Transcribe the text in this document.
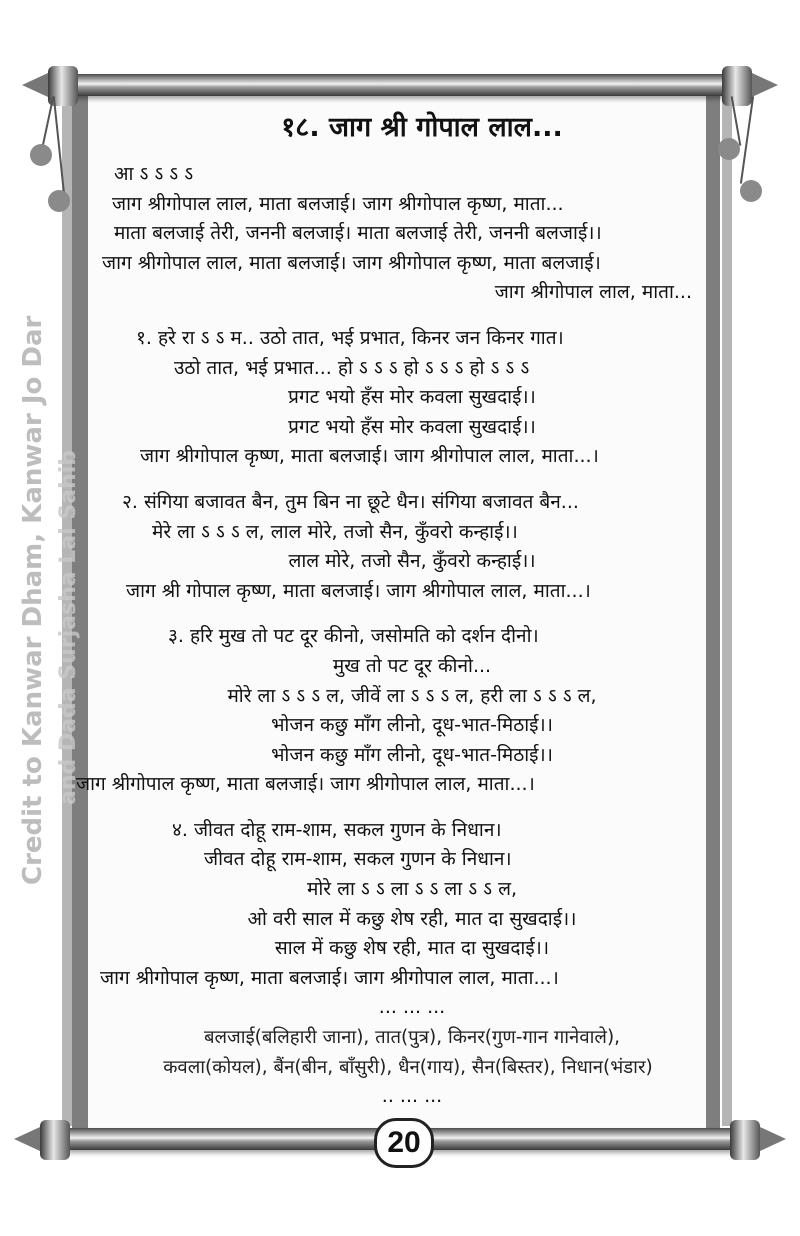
Credit to Kanwar Dham, Kanwar Jo Dar and Dada Surjasha Lal Sahib
१८. जाग श्री गोपाल लाल...
आ ऽ ऽ ऽ ऽ
जाग श्रीगोपाल लाल, माता बलजाई। जाग श्रीगोपाल कृष्ण, माता...
माता बलजाई तेरी, जननी बलजाई। माता बलजाई तेरी, जननी बलजाई।।
जाग श्रीगोपाल लाल, माता बलजाई। जाग श्रीगोपाल कृष्ण, माता बलजाई।
जाग श्रीगोपाल लाल, माता...
१. हरे रा ऽ ऽ म.. उठो तात, भई प्रभात, किनर जन किनर गात।
उठो तात, भई प्रभात... हो ऽ ऽ ऽ हो ऽ ऽ ऽ हो ऽ ऽ ऽ
प्रगट भयो हँस मोर कवला सुखदाई।।
प्रगट भयो हँस मोर कवला सुखदाई।।
जाग श्रीगोपाल कृष्ण, माता बलजाई। जाग श्रीगोपाल लाल, माता...।
२. संगिया बजावत बैन, तुम बिन ना छूटे धैन। संगिया बजावत बैन...
मेरे ला ऽ ऽ ऽ ल, लाल मोरे, तजो सैन, कुँवरो कन्हाई।।
लाल मोरे, तजो सैन, कुँवरो कन्हाई।।
जाग श्री गोपाल कृष्ण, माता बलजाई। जाग श्रीगोपाल लाल, माता...।
३. हरि मुख तो पट दूर कीनो, जसोमति को दर्शन दीनो।
मुख तो पट दूर कीनो...
मोरे ला ऽ ऽ ऽ ल, जीवें ला ऽ ऽ ऽ ल, हरी ला ऽ ऽ ऽ ल,
भोजन कछु माँग लीनो, दूध-भात-मिठाई।।
भोजन कछु माँग लीनो, दूध-भात-मिठाई।।
जाग श्रीगोपाल कृष्ण, माता बलजाई। जाग श्रीगोपाल लाल, माता...।
४. जीवत दोहू राम-शाम, सकल गुणन के निधान।
जीवत दोहू राम-शाम, सकल गुणन के निधान।
मोरे ला ऽ ऽ ला ऽ ऽ ला ऽ ऽ ल,
ओ वरी साल में कछु शेष रही, मात दा सुखदाई।।
साल में कछु शेष रही, मात दा सुखदाई।।
जाग श्रीगोपाल कृष्ण, माता बलजाई। जाग श्रीगोपाल लाल, माता...।
... ... ...
बलजाई(बलिहारी जाना), तात(पुत्र), किनर(गुण-गान गानेवाले),
कवला(कोयल), बैंन(बीन, बाँसुरी), धैन(गाय), सैन(बिस्तर), निधान(भंडार)
.. ... ...
20
